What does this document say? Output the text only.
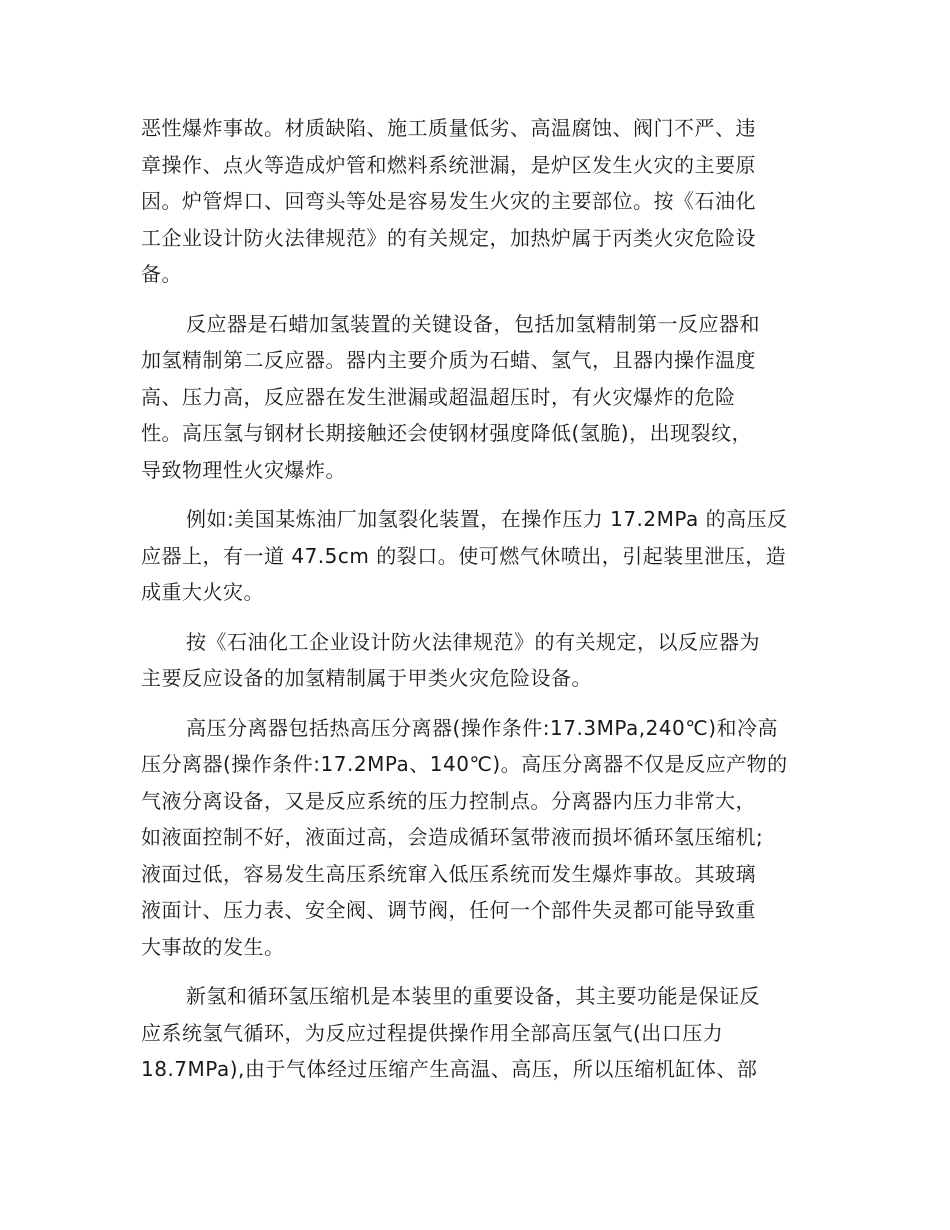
恶性爆炸事故。材质缺陷、施工质量低劣、高温腐蚀、阀门不严、违
章操作、点火等造成炉管和燃料系统泄漏，是炉区发生火灾的主要原
因。炉管焊口、回弯头等处是容易发生火灾的主要部位。按《石油化
工企业设计防火法律规范》的有关规定，加热炉属于丙类火灾危险设
备。
反应器是石蜡加氢装置的关键设备，包括加氢精制第一反应器和
加氢精制第二反应器。器内主要介质为石蜡、氢气，且器内操作温度
高、压力高，反应器在发生泄漏或超温超压时，有火灾爆炸的危险
性。高压氢与钢材长期接触还会使钢材强度降低(氢脆)，出现裂纹，
导致物理性火灾爆炸。
例如:美国某炼油厂加氢裂化装置，在操作压力 17.2MPa 的高压反
应器上，有一道 47.5cm 的裂口。使可燃气休喷出，引起装里泄压，造
成重大火灾。
按《石油化工企业设计防火法律规范》的有关规定，以反应器为
主要反应设备的加氢精制属于甲类火灾危险设备。
高压分离器包括热高压分离器(操作条件:17.3MPa,240℃)和冷高
压分离器(操作条件:17.2MPa、140℃)。高压分离器不仅是反应产物的
气液分离设备，又是反应系统的压力控制点。分离器内压力非常大，
如液面控制不好，液面过高，会造成循环氢带液而损坏循环氢压缩机;
液面过低，容易发生高压系统窜入低压系统而发生爆炸事故。其玻璃
液面计、压力表、安全阀、调节阀，任何一个部件失灵都可能导致重
大事故的发生。
新氢和循环氢压缩机是本装里的重要设备，其主要功能是保证反
应系统氢气循环，为反应过程提供操作用全部高压氢气(出口压力
18.7MPa),由于气体经过压缩产生高温、高压，所以压缩机缸体、部
